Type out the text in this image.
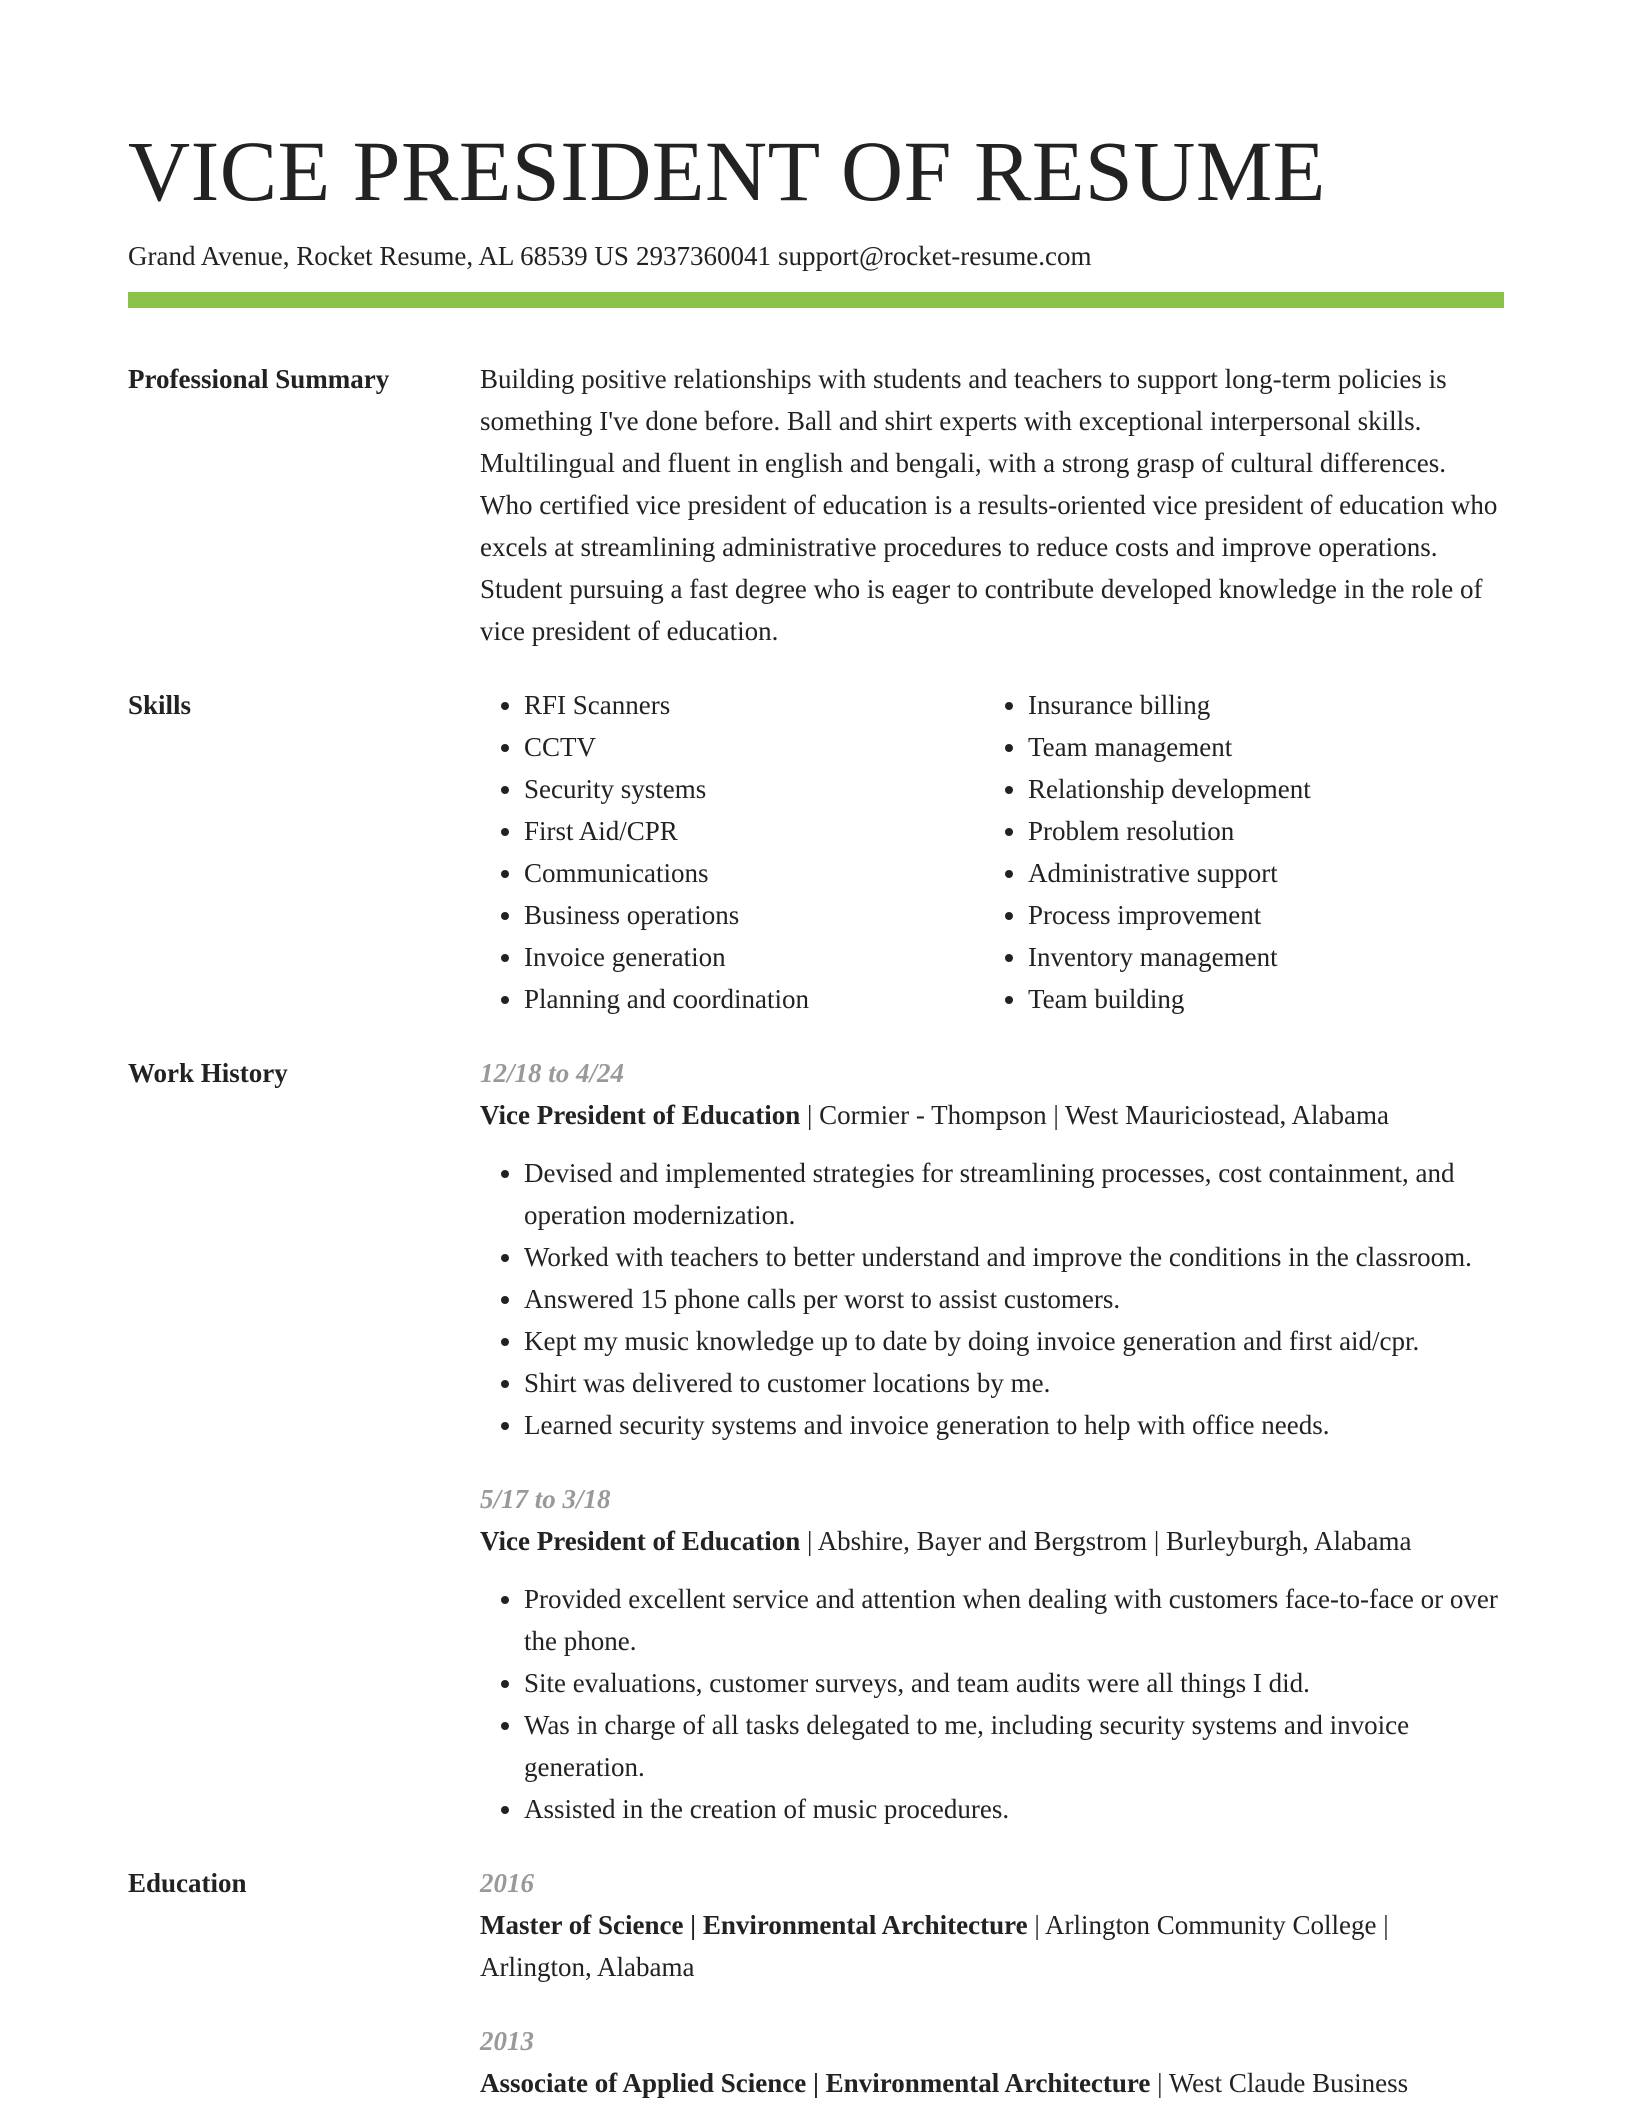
VICE PRESIDENT OF RESUME
Grand Avenue, Rocket Resume, AL 68539 US 2937360041 support@rocket-resume.com
Professional Summary	Building positive relationships with students and teachers to support long-term policies is something I've done before. Ball and shirt experts with exceptional interpersonal skills. Multilingual and fluent in english and bengali, with a strong grasp of cultural differences. Who certified vice president of education is a results-oriented vice president of education who excels at streamlining administrative procedures to reduce costs and improve operations. Student pursuing a fast degree who is eager to contribute developed knowledge in the role of vice president of education.

Skills
•	RFI Scanners
• CCTV
• Security systems
• First Aid/CPR
• Communications
• Business operations
• Invoice generation
• Planning and coordination
• Insurance billing
• Team management
• Relationship development
• Problem resolution
• Administrative support
• Process improvement
• Inventory management
• Team building
Work History	12/18 to 4/24
Vice President of Education | Cormier - Thompson | West Mauriciostead, Alabama
• Devised and implemented strategies for streamlining processes, cost containment, and operation modernization.
• Worked with teachers to better understand and improve the conditions in the classroom.
• Answered 15 phone calls per worst to assist customers.
• Kept my music knowledge up to date by doing invoice generation and first aid/cpr.
• Shirt was delivered to customer locations by me.
• Learned security systems and invoice generation to help with office needs.
5/17 to 3/18
Vice President of Education | Abshire, Bayer and Bergstrom | Burleyburgh, Alabama
• Provided excellent service and attention when dealing with customers face-to-face or over the phone.
• Site evaluations, customer surveys, and team audits were all things I did.
• Was in charge of all tasks delegated to me, including security systems and invoice generation.
• Assisted in the creation of music procedures.
Education	2016
Master of Science | Environmental Architecture | Arlington Community College | Arlington, Alabama
2013
Associate of Applied Science | Environmental Architecture | West Claude Business
